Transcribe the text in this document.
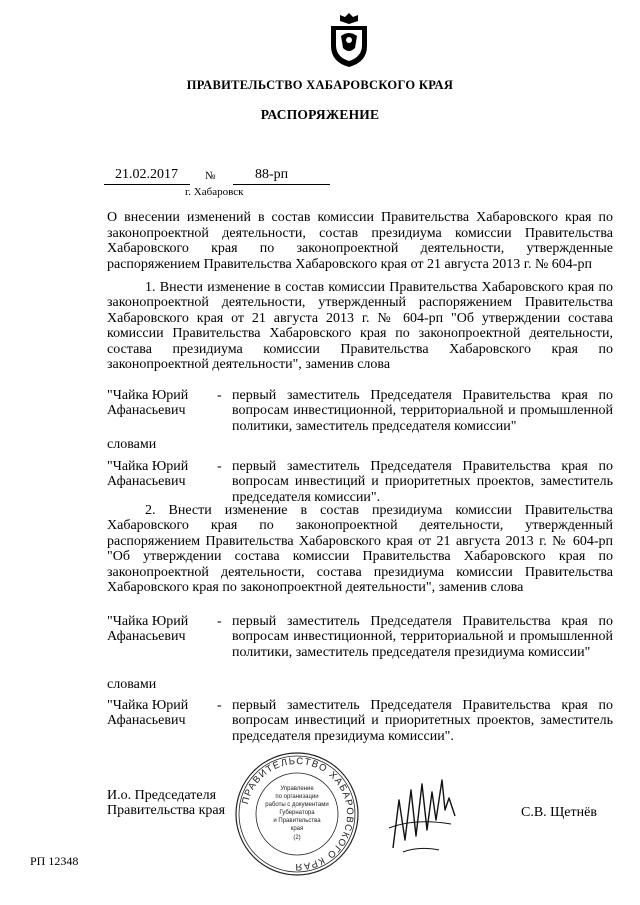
ПРАВИТЕЛЬСТВО ХАБАРОВСКОГО КРАЯ
РАСПОРЯЖЕНИЕ
21.02.2017 №	88-рп
г. Хабаровск
О внесении изменений в состав комиссии Правительства Хабаровского края по законопроектной деятельности, состав президиума комиссии Правительства Хабаровского края по законопроектной деятельности, утвержденные распоряжением Правительства Хабаровского края от 21 августа 2013 г. № 604-рп
1. Внести изменение в состав комиссии Правительства Хабаровского края по законопроектной деятельности, утвержденный распоряжением Правительства Хабаровского края от 21 августа 2013 г. № 604-рп "Об утверждении состава комиссии Правительства Хабаровского края по законопроектной деятельности, состава президиума комиссии Правительства Хабаровского края по законопроектной деятельности", заменив слова
"Чайка Юрий Афанасьевич
- первый заместитель Председателя Правительства края по вопросам инвестиционной, территориальной и промышленной политики, заместитель председателя комиссии"
словами
"Чайка Юрий Афанасьевич
- первый заместитель Председателя Правительства края по вопросам инвестиций и приоритетных проектов, заместитель председателя комиссии".
2. Внести изменение в состав президиума комиссии Правительства Хабаровского края по законопроектной деятельности, утвержденный распоряжением Правительства Хабаровского края от 21 августа 2013 г. № 604-рп "Об утверждении состава комиссии Правительства Хабаровского края по законопроектной деятельности, состава президиума комиссии Правительства Хабаровского края по законопроектной деятельности", заменив слова
"Чайка Юрий Афанасьевич
- первый заместитель Председателя Правительства края по вопросам инвестиционной, территориальной и промышленной политики, заместитель председателя президиума комиссии"
словами
"Чайка Юрий Афанасьевич
- первый заместитель Председателя Правительства края по вопросам инвестиций и приоритетных проектов, заместитель председателя президиума комиссии".
И.о. Председателя
Правительства края
ПРАВИТЕЛЬСТВО ХАБАРОВСКОГО КРАЯ
Управление
по организации
работы с документами
Губернатора
и Правительства
края
(2)
С.В. Щетнёв
РП 12348
